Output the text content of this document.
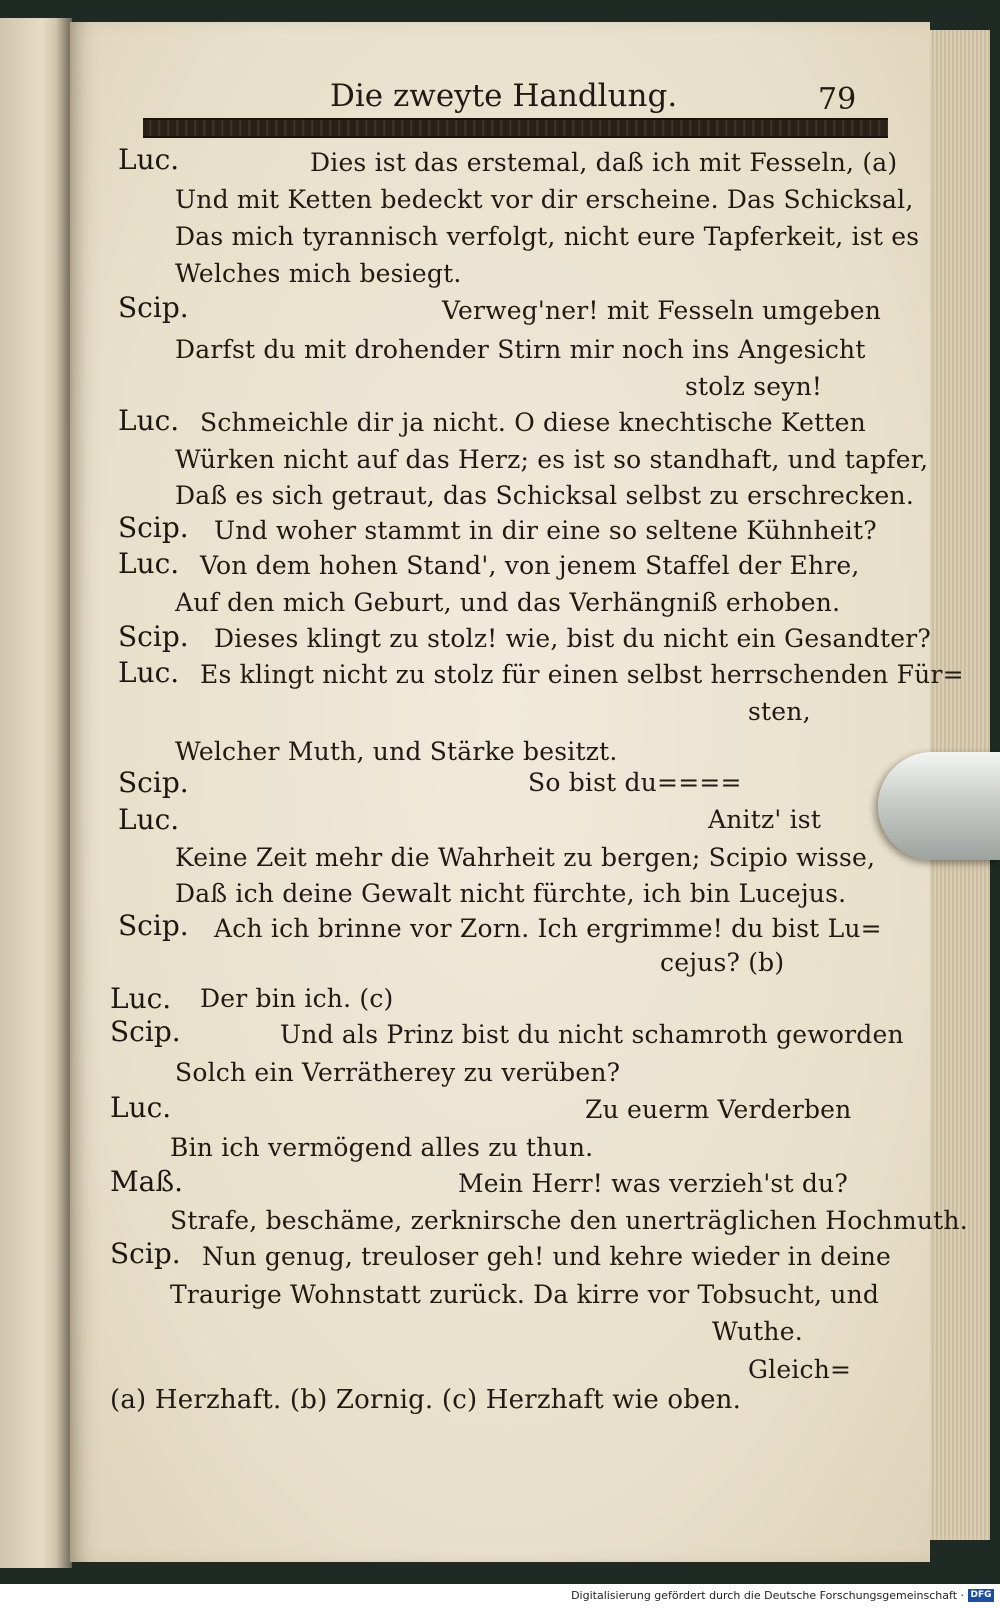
Die zweyte Handlung.	79
Luc.	Dies ist das erstemal, daß ich mit Fesseln, (a)
Und mit Ketten bedeckt vor dir erscheine. Das Schicksal,
Das mich tyrannisch verfolgt, nicht eure Tapferkeit, ist es
Welches mich besiegt.
Scip.	Verweg'ner! mit Fesseln umgeben
Darfst du mit drohender Stirn mir noch ins Angesicht
stolz seyn!
Luc. Schmeichle dir ja nicht. O diese knechtische Ketten
Würken nicht auf das Herz; es ist so standhaft, und tapfer,
Daß es sich getraut, das Schicksal selbst zu erschrecken.
Scip. Und woher stammt in dir eine so seltene Kühnheit?
Luc. Von dem hohen Stand', von jenem Staffel der Ehre,
Auf den mich Geburt, und das Verhängniß erhoben.
Scip. Dieses klingt zu stolz! wie, bist du nicht ein Gesandter?
Luc. Es klingt nicht zu stolz für einen selbst herrschenden Für=
sten,
Welcher Muth, und Stärke besitzt.
Scip.	So bist du====
Luc.	Anitz' ist
Keine Zeit mehr die Wahrheit zu bergen; Scipio wisse,
Daß ich deine Gewalt nicht fürchte, ich bin Lucejus.
Scip. Ach ich brinne vor Zorn. Ich ergrimme! du bist Lu=
cejus? (b)
Luc. Der bin ich. (c)
Scip.	Und als Prinz bist du nicht schamroth geworden
Solch ein Verrätherey zu verüben?
Luc.	Zu euerm Verderben
Bin ich vermögend alles zu thun.
Maß.	Mein Herr! was verzieh'st du?
Strafe, beschäme, zerknirsche den unerträglichen Hochmuth.
Scip. Nun genug, treuloser geh! und kehre wieder in deine
Traurige Wohnstatt zurück. Da kirre vor Tobsucht, und
Wuthe.
Gleich=
(a) Herzhaft. (b) Zornig. (c) Herzhaft wie oben.
Digitalisierung gefördert durch die Deutsche Forschungsgemeinschaft · DFG
